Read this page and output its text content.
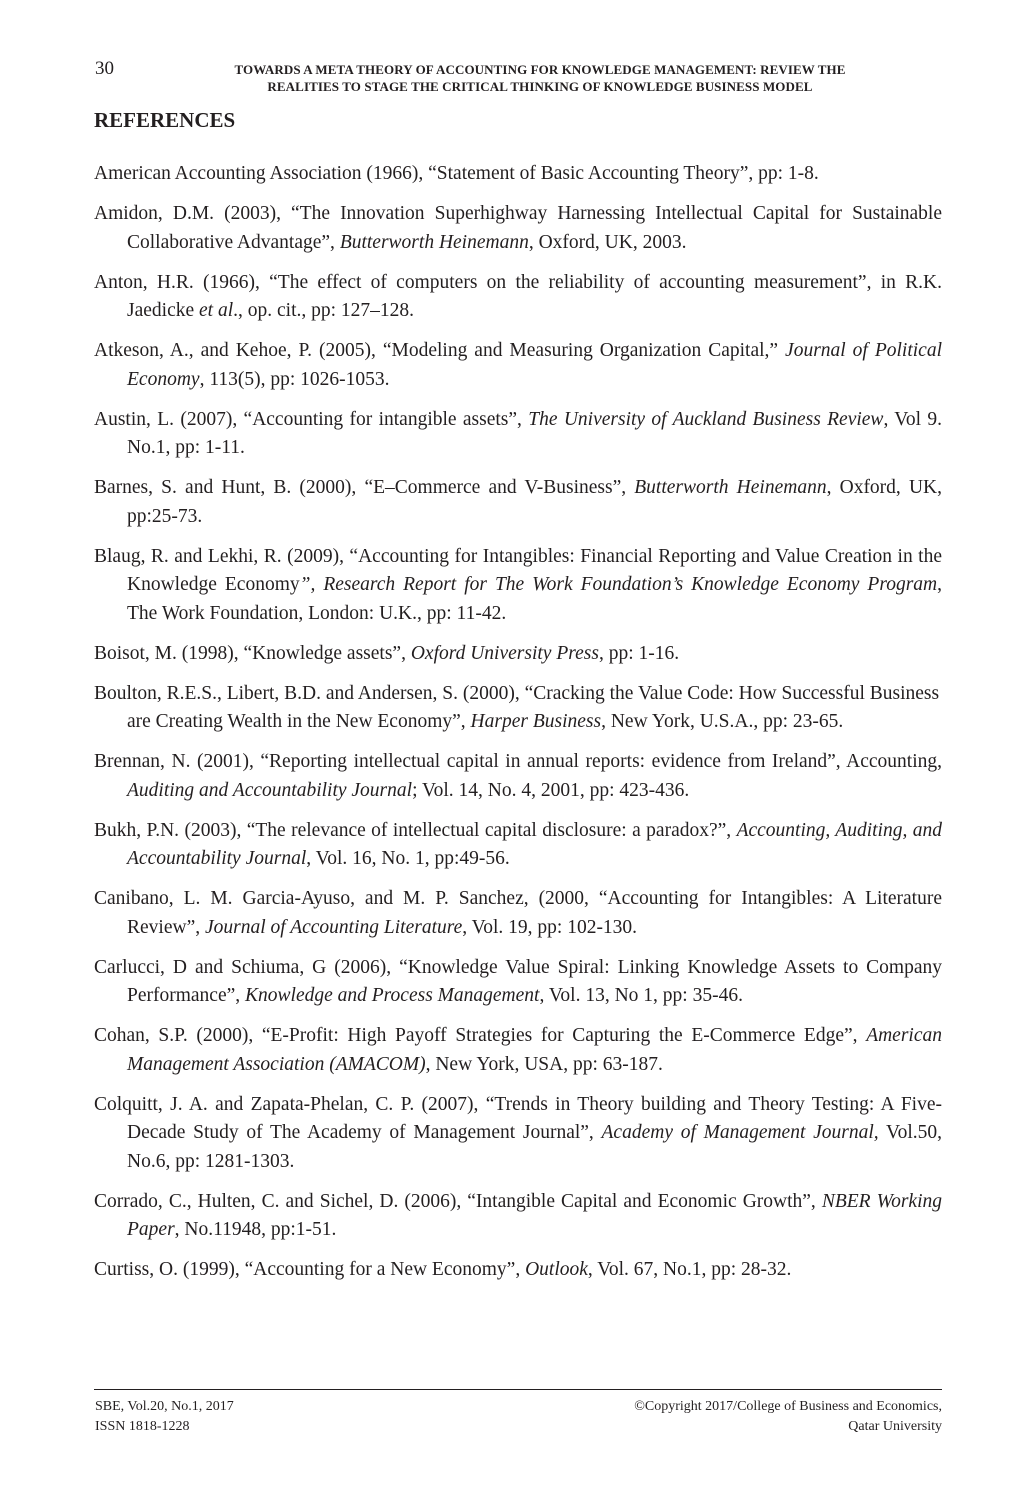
30	TOWARDS A META THEORY OF ACCOUNTING FOR KNOWLEDGE MANAGEMENT: REVIEW THE
REALITIES TO STAGE THE CRITICAL THINKING OF KNOWLEDGE BUSINESS MODEL
REFERENCES
American Accounting Association (1966), “Statement of Basic Accounting Theory”, pp: 1-8.
Amidon, D.M. (2003), “The Innovation Superhighway Harnessing Intellectual Capital for Sustainable Collaborative Advantage”, Butterworth Heinemann, Oxford, UK, 2003.
Anton, H.R. (1966), “The effect of computers on the reliability of accounting measurement”, in R.K. Jaedicke et al., op. cit., pp: 127–128.
Atkeson, A., and Kehoe, P. (2005), “Modeling and Measuring Organization Capital,” Journal of Political Economy, 113(5), pp: 1026-1053.
Austin, L. (2007), “Accounting for intangible assets”, The University of Auckland Business Review, Vol 9. No.1, pp: 1-11.
Barnes, S. and Hunt, B. (2000), “E–Commerce and V-Business”, Butterworth Heinemann, Oxford, UK, pp:25-73.
Blaug, R. and Lekhi, R. (2009), “Accounting for Intangibles: Financial Reporting and Value Creation in the Knowledge Economy”, Research Report for The Work Foundation’s Knowledge Economy Program, The Work Foundation, London: U.K., pp: 11-42.
Boisot, M. (1998), “Knowledge assets”, Oxford University Press, pp: 1-16.
Boulton, R.E.S., Libert, B.D. and Andersen, S. (2000), “Cracking the Value Code: How Successful Business are Creating Wealth in the New Economy”, Harper Business, New York, U.S.A., pp: 23-65.
Brennan, N. (2001), “Reporting intellectual capital in annual reports: evidence from Ireland”, Accounting, Auditing and Accountability Journal; Vol. 14, No. 4, 2001, pp: 423-436.
Bukh, P.N. (2003), “The relevance of intellectual capital disclosure: a paradox?”, Accounting, Auditing, and Accountability Journal, Vol. 16, No. 1, pp:49-56.
Canibano, L. M. Garcia-Ayuso, and M. P. Sanchez, (2000, “Accounting for Intangibles: A Literature Review”, Journal of Accounting Literature, Vol. 19, pp: 102-130.
Carlucci, D and Schiuma, G (2006), “Knowledge Value Spiral: Linking Knowledge Assets to Company Performance”, Knowledge and Process Management, Vol. 13, No 1, pp: 35-46.
Cohan, S.P. (2000), “E-Profit: High Payoff Strategies for Capturing the E-Commerce Edge”, American Management Association (AMACOM), New York, USA, pp: 63-187.
Colquitt, J. A. and Zapata-Phelan, C. P. (2007), “Trends in Theory building and Theory Testing: A Five-Decade Study of The Academy of Management Journal”, Academy of Management Journal, Vol.50, No.6, pp: 1281-1303.
Corrado, C., Hulten, C. and Sichel, D. (2006), “Intangible Capital and Economic Growth”, NBER Working Paper, No.11948, pp:1-51.
Curtiss, O. (1999), “Accounting for a New Economy”, Outlook, Vol. 67, No.1, pp: 28-32.
SBE, Vol.20, No.1, 2017
ISSN 1818-1228
©Copyright 2017/College of Business and Economics,
Qatar University
